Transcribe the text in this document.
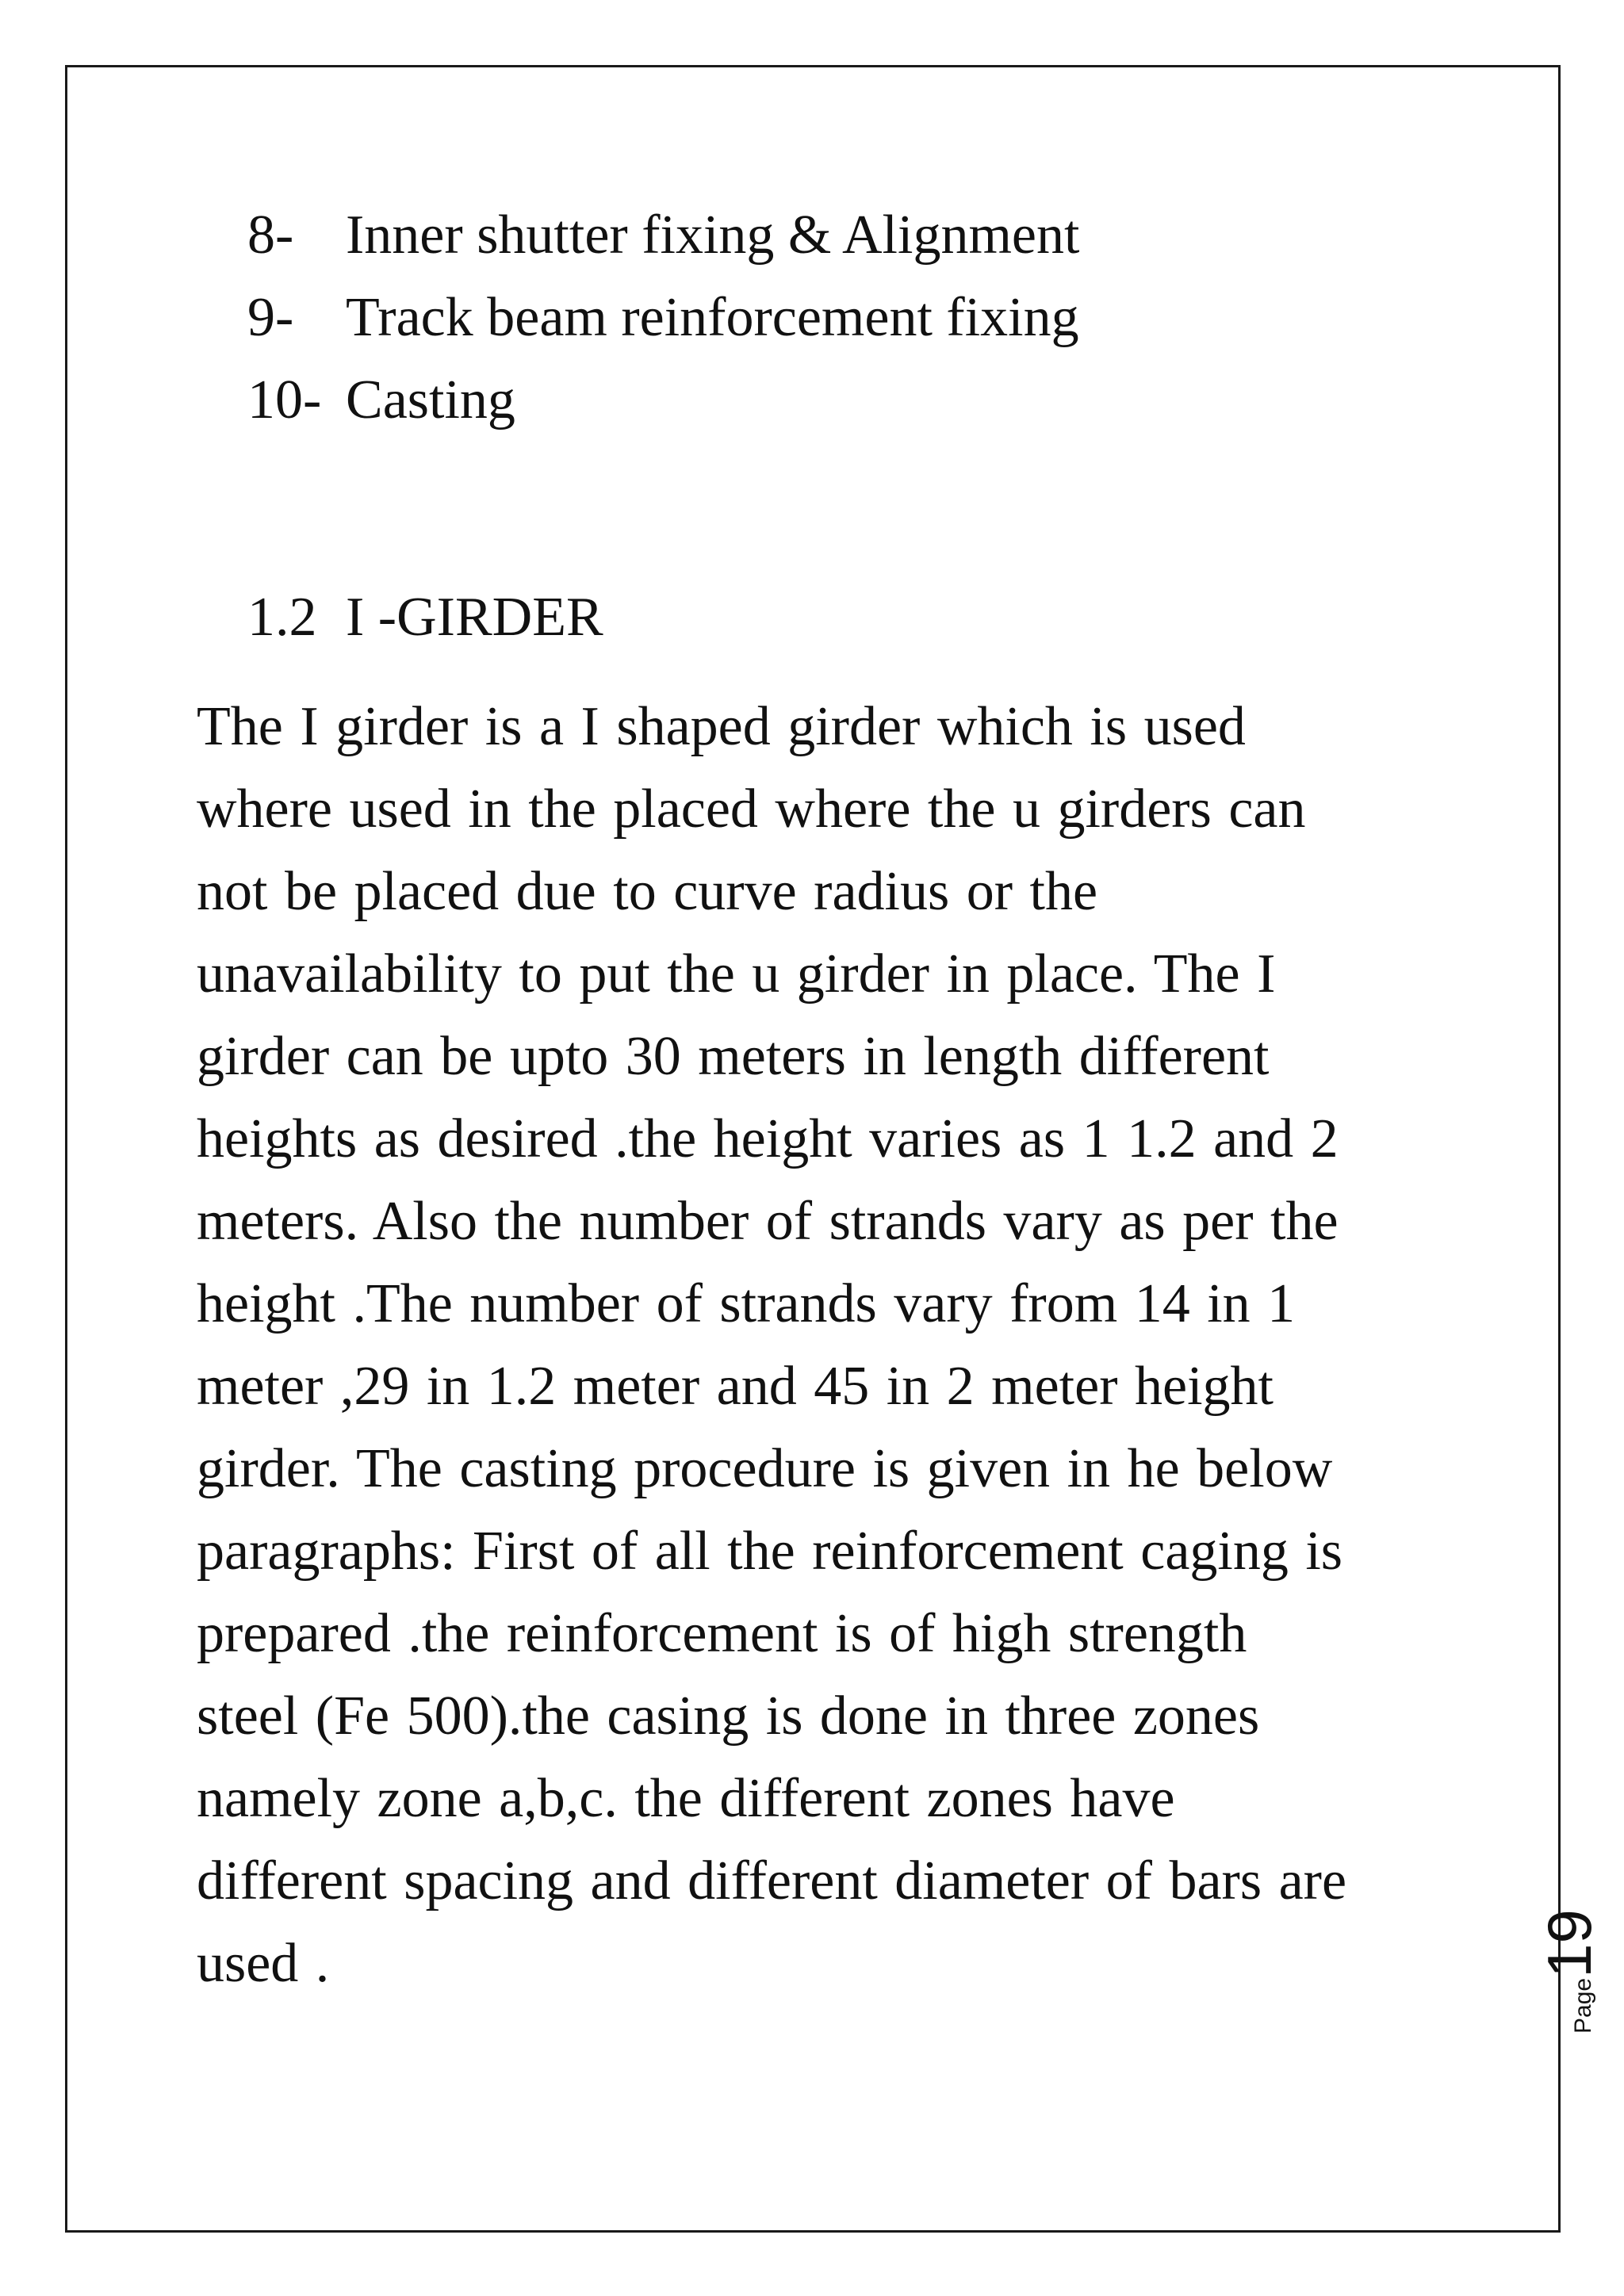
8- Inner shutter fixing & Alignment
9- Track beam reinforcement fixing
10- Casting
1.2 I -GIRDER
The I girder is a I shaped girder which is used
where used in the placed where the u girders can
not be placed due to curve radius or the
unavailability to put the u girder in place. The I
girder can be upto 30 meters in length different
heights as desired .the height varies as 1 1.2 and 2
meters. Also the number of strands vary as per the
height .The number of strands vary from 14 in 1
meter ,29 in 1.2 meter and 45 in 2 meter height
girder. The casting procedure is given in he below
paragraphs: First of all the reinforcement caging is
prepared .the reinforcement is of high strength
steel (Fe 500).the casing is done in three zones
namely zone a,b,c. the different zones have
different spacing and different diameter of bars are
used .
Page19
